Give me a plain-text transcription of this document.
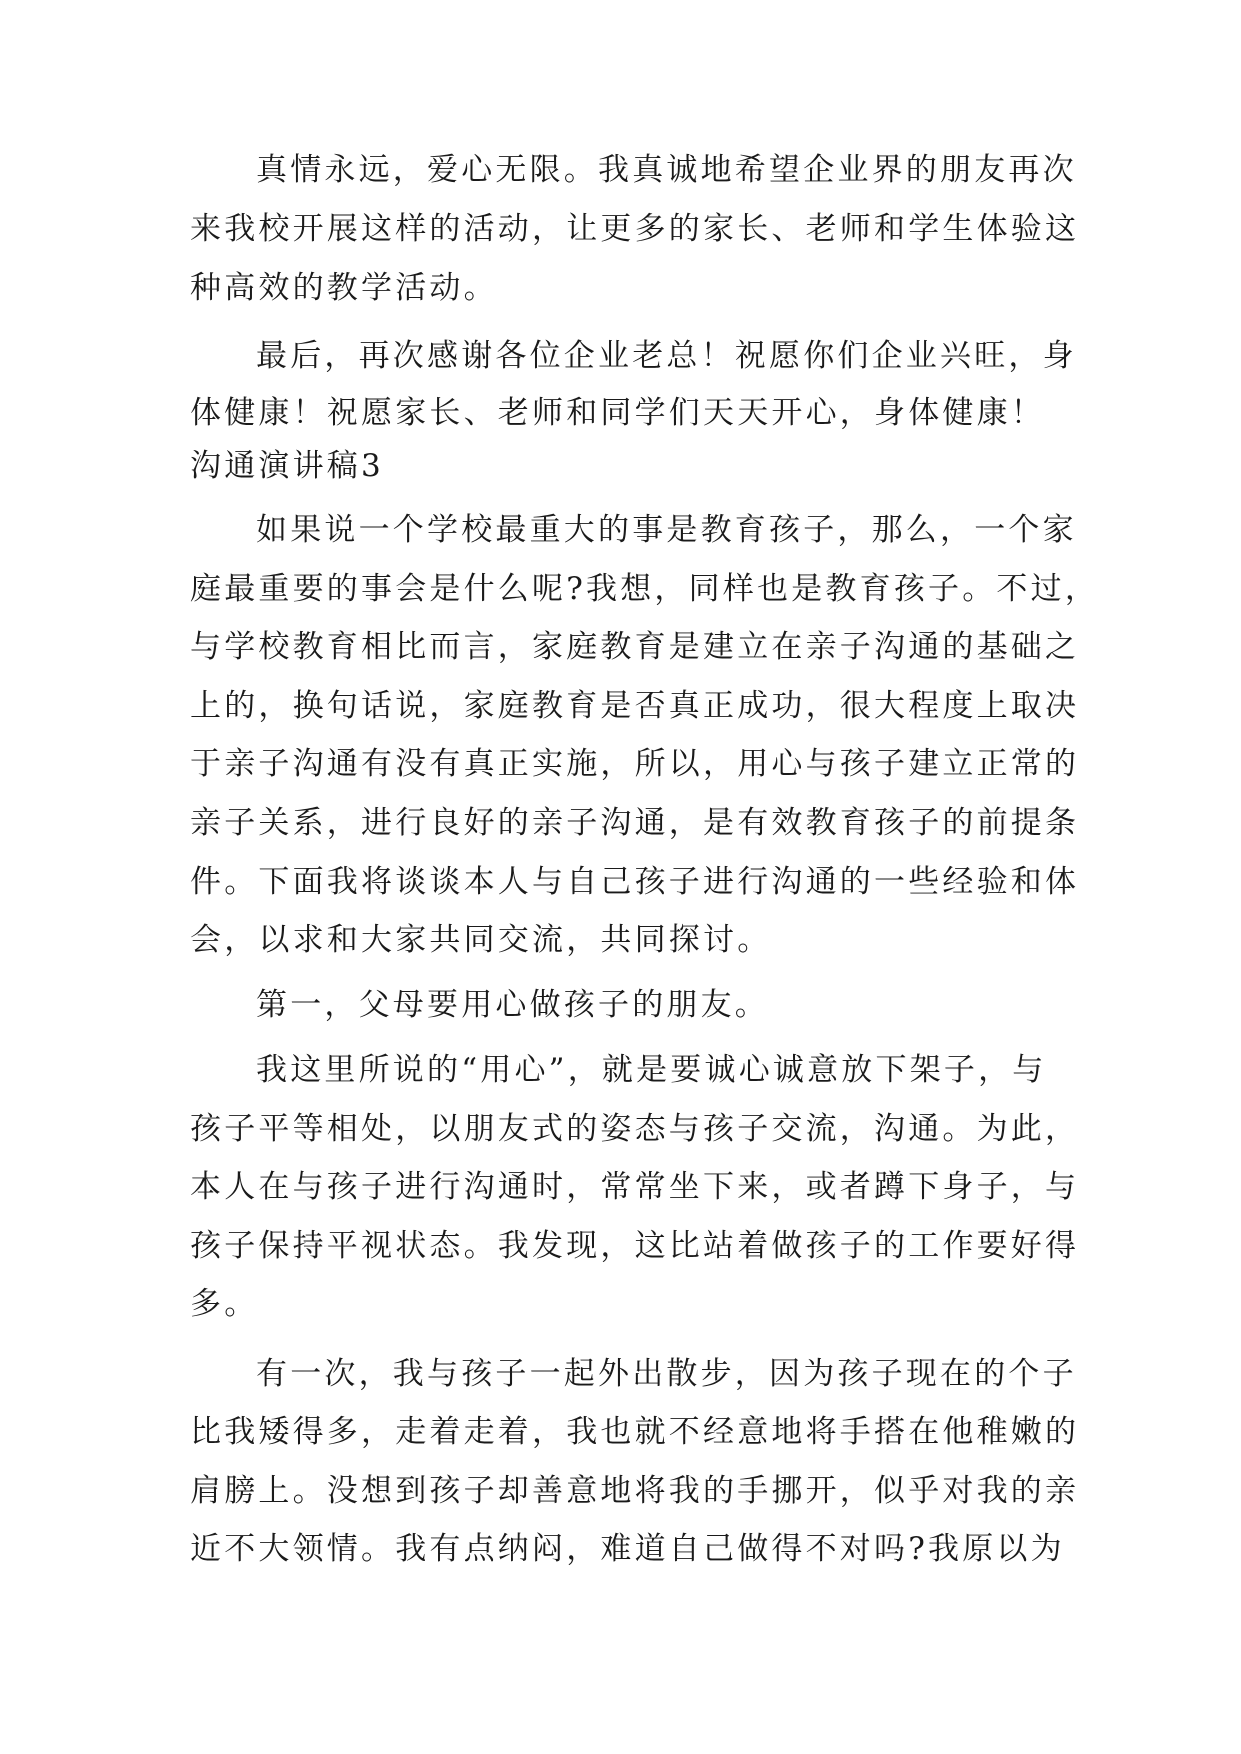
真情永远，爱心无限。我真诚地希望企业界的朋友再次
来我校开展这样的活动，让更多的家长、老师和学生体验这
种高效的教学活动。
最后，再次感谢各位企业老总！祝愿你们企业兴旺，身
体健康！祝愿家长、老师和同学们天天开心，身体健康！
沟通演讲稿3
如果说一个学校最重大的事是教育孩子，那么，一个家
庭最重要的事会是什么呢?我想，同样也是教育孩子。不过，
与学校教育相比而言，家庭教育是建立在亲子沟通的基础之
上的，换句话说，家庭教育是否真正成功，很大程度上取决
于亲子沟通有没有真正实施，所以，用心与孩子建立正常的
亲子关系，进行良好的亲子沟通，是有效教育孩子的前提条
件。下面我将谈谈本人与自己孩子进行沟通的一些经验和体
会，以求和大家共同交流，共同探讨。
第一，父母要用心做孩子的朋友。
我这里所说的“用心”，就是要诚心诚意放下架子，与
孩子平等相处，以朋友式的姿态与孩子交流，沟通。为此，
本人在与孩子进行沟通时，常常坐下来，或者蹲下身子，与
孩子保持平视状态。我发现，这比站着做孩子的工作要好得
多。
有一次，我与孩子一起外出散步，因为孩子现在的个子
比我矮得多，走着走着，我也就不经意地将手搭在他稚嫩的
肩膀上。没想到孩子却善意地将我的手挪开，似乎对我的亲
近不大领情。我有点纳闷，难道自己做得不对吗?我原以为
